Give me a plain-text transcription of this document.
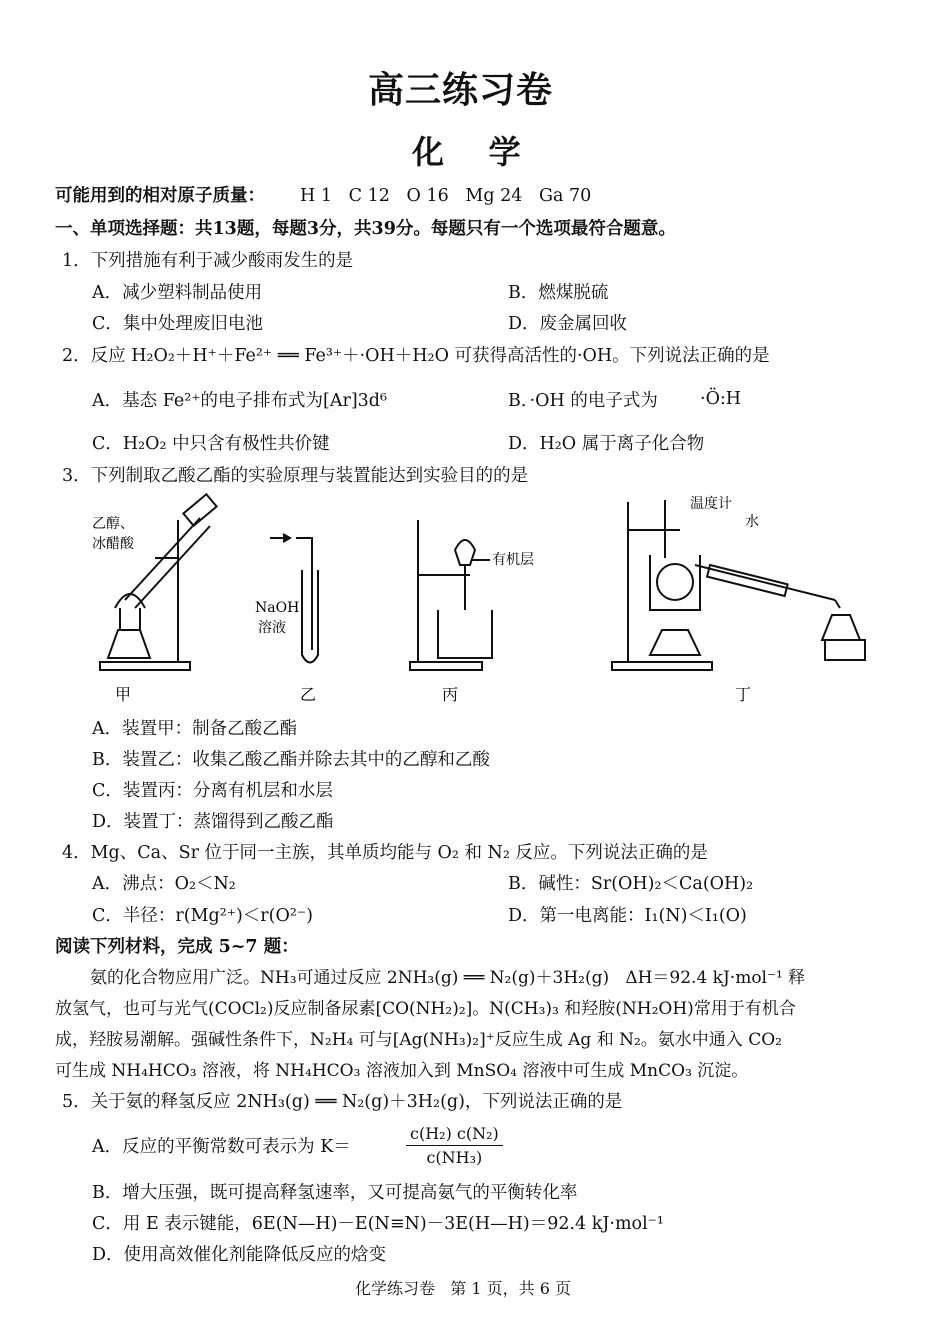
高三练习卷
化    学
可能用到的相对原子质量： H 1   C 12   O 16   Mg 24   Ga 70
一、单项选择题：共13题，每题3分，共39分。每题只有一个选项最符合题意。
1．下列措施有利于减少酸雨发生的是
A．减少塑料制品使用	B．燃煤脱硫
C．集中处理废旧电池	D．废金属回收
2．反应 H₂O₂＋H⁺＋Fe²⁺ ══ Fe³⁺＋·OH＋H₂O 可获得高活性的·OH。下列说法正确的是
A．基态 Fe²⁺的电子排布式为[Ar]3d⁶	B．·OH 的电子式为 ·Ö:H
C．H₂O₂ 中只含有极性共价键	D．H₂O 属于离子化合物
3．下列制取乙酸乙酯的实验原理与装置能达到实验目的的是
乙醇、
冰醋酸
NaOH
溶液
有机层
温度计
水
甲	乙	丙	丁
A．装置甲：制备乙酸乙酯
B．装置乙：收集乙酸乙酯并除去其中的乙醇和乙酸
C．装置丙：分离有机层和水层
D．装置丁：蒸馏得到乙酸乙酯
4．Mg、Ca、Sr 位于同一主族，其单质均能与 O₂ 和 N₂ 反应。下列说法正确的是
A．沸点：O₂＜N₂	B．碱性：Sr(OH)₂＜Ca(OH)₂
C．半径：r(Mg²⁺)＜r(O²⁻)	D．第一电离能：I₁(N)＜I₁(O)
阅读下列材料，完成 5~7 题：
氨的化合物应用广泛。NH₃可通过反应 2NH₃(g) ══ N₂(g)＋3H₂(g)   ΔH＝92.4 kJ·mol⁻¹ 释
放氢气，也可与光气(COCl₂)反应制备尿素[CO(NH₂)₂]。N(CH₃)₃ 和羟胺(NH₂OH)常用于有机合
成，羟胺易潮解。强碱性条件下，N₂H₄ 可与[Ag(NH₃)₂]⁺反应生成 Ag 和 N₂。氨水中通入 CO₂
可生成 NH₄HCO₃ 溶液，将 NH₄HCO₃ 溶液加入到 MnSO₄ 溶液中可生成 MnCO₃ 沉淀。
5．关于氨的释氢反应 2NH₃(g) ══ N₂(g)＋3H₂(g)，下列说法正确的是
A．反应的平衡常数可表示为 K＝	$\frac{\text{c(H₂) c(N₂)}}{\text{c(NH₃)}}$
B．增大压强，既可提高释氢速率，又可提高氨气的平衡转化率
C．用 E 表示键能，6E(N—H)－E(N≡N)－3E(H—H)＝92.4 kJ·mol⁻¹
D．使用高效催化剂能降低反应的焓变
化学练习卷   第 1 页，共 6 页
